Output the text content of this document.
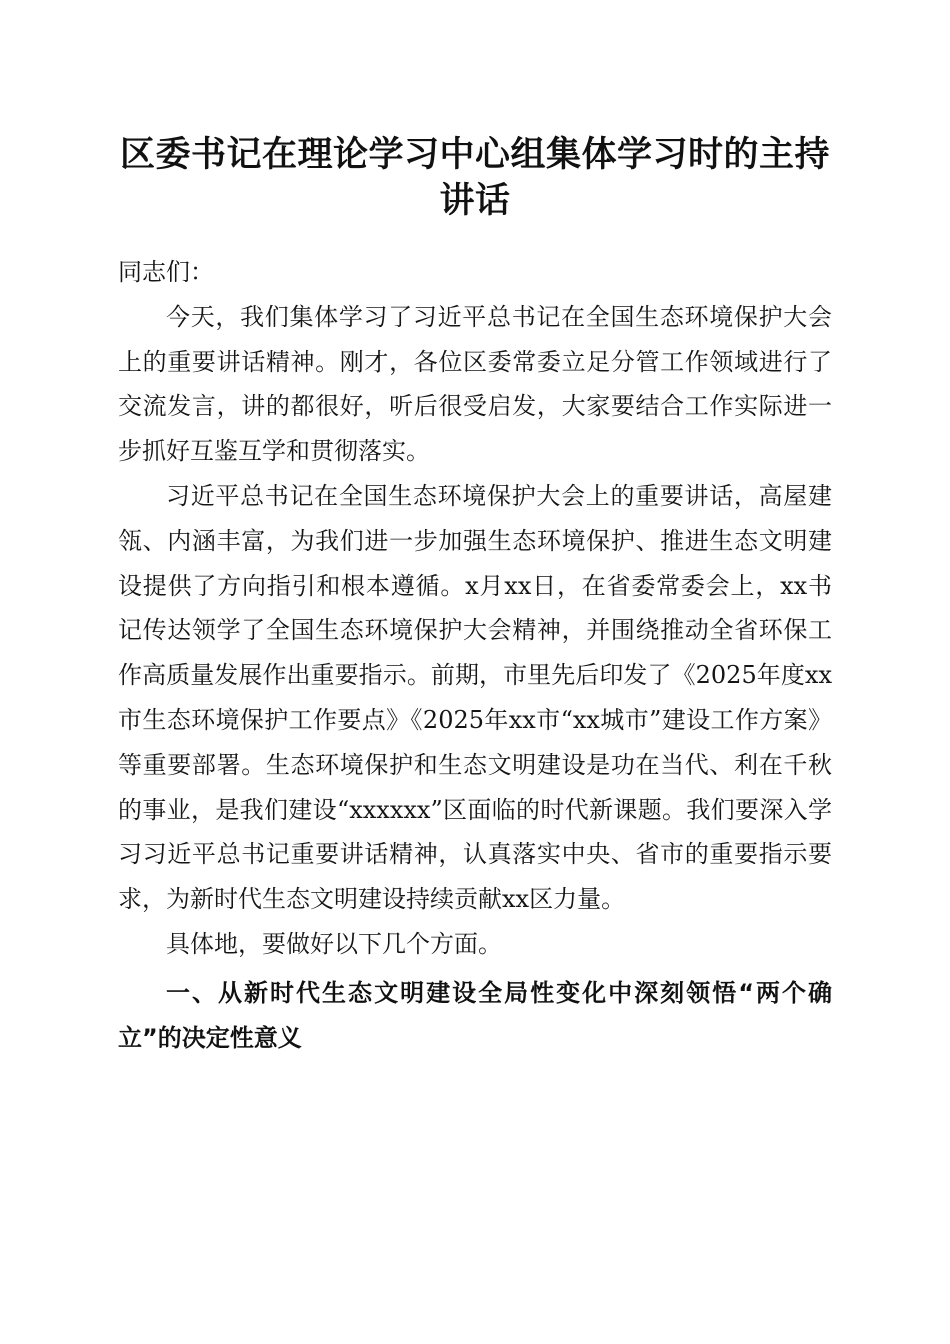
区委书记在理论学习中心组集体学习时的主持讲话

同志们：

今天，我们集体学习了习近平总书记在全国生态环境保护大会上的重要讲话精神。刚才，各位区委常委立足分管工作领域进行了交流发言，讲的都很好，听后很受启发，大家要结合工作实际进一步抓好互鉴互学和贯彻落实。

习近平总书记在全国生态环境保护大会上的重要讲话，高屋建瓴、内涵丰富，为我们进一步加强生态环境保护、推进生态文明建设提供了方向指引和根本遵循。x月xx日，在省委常委会上，xx书记传达领学了全国生态环境保护大会精神，并围绕推动全省环保工作高质量发展作出重要指示。前期，市里先后印发了《2025年度xx市生态环境保护工作要点》《2025年xx市“xx城市”建设工作方案》等重要部署。生态环境保护和生态文明建设是功在当代、利在千秋的事业，是我们建设“xxxxxx”区面临的时代新课题。我们要深入学习习近平总书记重要讲话精神，认真落实中央、省市的重要指示要求，为新时代生态文明建设持续贡献xx区力量。

具体地，要做好以下几个方面。

一、从新时代生态文明建设全局性变化中深刻领悟“两个确立”的决定性意义
